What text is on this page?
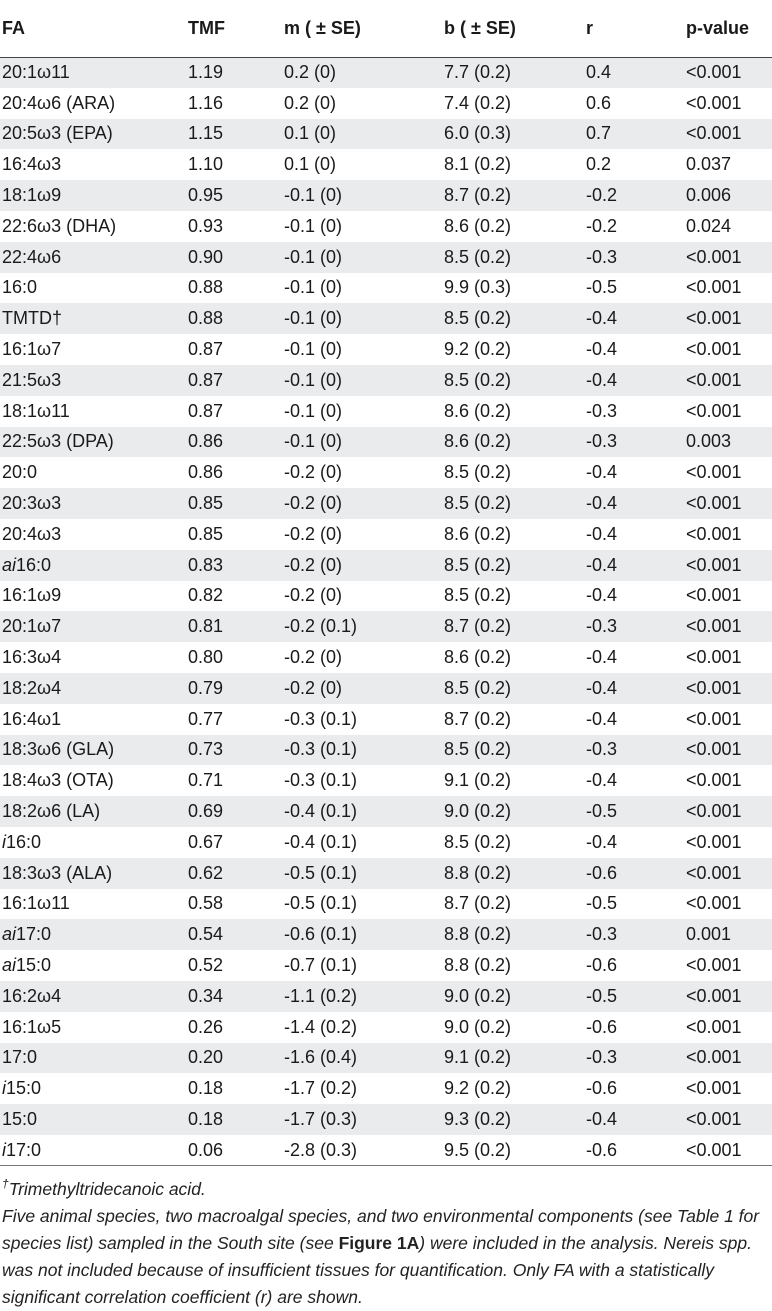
FA	TMF	m ( ± SE)	b ( ± SE)	r	p-value
20:1ω11	1.19	0.2 (0)	7.7 (0.2)	0.4	<0.001
20:4ω6 (ARA)	1.16	0.2 (0)	7.4 (0.2)	0.6	<0.001
20:5ω3 (EPA)	1.15	0.1 (0)	6.0 (0.3)	0.7	<0.001
16:4ω3	1.10	0.1 (0)	8.1 (0.2)	0.2	0.037
18:1ω9	0.95	-0.1 (0)	8.7 (0.2)	-0.2	0.006
22:6ω3 (DHA)	0.93	-0.1 (0)	8.6 (0.2)	-0.2	0.024
22:4ω6	0.90	-0.1 (0)	8.5 (0.2)	-0.3	<0.001
16:0	0.88	-0.1 (0)	9.9 (0.3)	-0.5	<0.001
TMTD†	0.88	-0.1 (0)	8.5 (0.2)	-0.4	<0.001
16:1ω7	0.87	-0.1 (0)	9.2 (0.2)	-0.4	<0.001
21:5ω3	0.87	-0.1 (0)	8.5 (0.2)	-0.4	<0.001
18:1ω11	0.87	-0.1 (0)	8.6 (0.2)	-0.3	<0.001
22:5ω3 (DPA)	0.86	-0.1 (0)	8.6 (0.2)	-0.3	0.003
20:0	0.86	-0.2 (0)	8.5 (0.2)	-0.4	<0.001
20:3ω3	0.85	-0.2 (0)	8.5 (0.2)	-0.4	<0.001
20:4ω3	0.85	-0.2 (0)	8.6 (0.2)	-0.4	<0.001
ai16:0	0.83	-0.2 (0)	8.5 (0.2)	-0.4	<0.001
16:1ω9	0.82	-0.2 (0)	8.5 (0.2)	-0.4	<0.001
20:1ω7	0.81	-0.2 (0.1)	8.7 (0.2)	-0.3	<0.001
16:3ω4	0.80	-0.2 (0)	8.6 (0.2)	-0.4	<0.001
18:2ω4	0.79	-0.2 (0)	8.5 (0.2)	-0.4	<0.001
16:4ω1	0.77	-0.3 (0.1)	8.7 (0.2)	-0.4	<0.001
18:3ω6 (GLA)	0.73	-0.3 (0.1)	8.5 (0.2)	-0.3	<0.001
18:4ω3 (OTA)	0.71	-0.3 (0.1)	9.1 (0.2)	-0.4	<0.001
18:2ω6 (LA)	0.69	-0.4 (0.1)	9.0 (0.2)	-0.5	<0.001
i16:0	0.67	-0.4 (0.1)	8.5 (0.2)	-0.4	<0.001
18:3ω3 (ALA)	0.62	-0.5 (0.1)	8.8 (0.2)	-0.6	<0.001
16:1ω11	0.58	-0.5 (0.1)	8.7 (0.2)	-0.5	<0.001
ai17:0	0.54	-0.6 (0.1)	8.8 (0.2)	-0.3	0.001
ai15:0	0.52	-0.7 (0.1)	8.8 (0.2)	-0.6	<0.001
16:2ω4	0.34	-1.1 (0.2)	9.0 (0.2)	-0.5	<0.001
16:1ω5	0.26	-1.4 (0.2)	9.0 (0.2)	-0.6	<0.001
17:0	0.20	-1.6 (0.4)	9.1 (0.2)	-0.3	<0.001
i15:0	0.18	-1.7 (0.2)	9.2 (0.2)	-0.6	<0.001
15:0	0.18	-1.7 (0.3)	9.3 (0.2)	-0.4	<0.001
i17:0	0.06	-2.8 (0.3)	9.5 (0.2)	-0.6	<0.001

†Trimethyltridecanoic acid.

Five animal species, two macroalgal species, and two environmental components (see Table 1 for species list) sampled in the South site (see Figure 1A) were included in the analysis. Nereis spp. was not included because of insufficient tissues for quantification. Only FA with a statistically significant correlation coefficient (r) are shown.
